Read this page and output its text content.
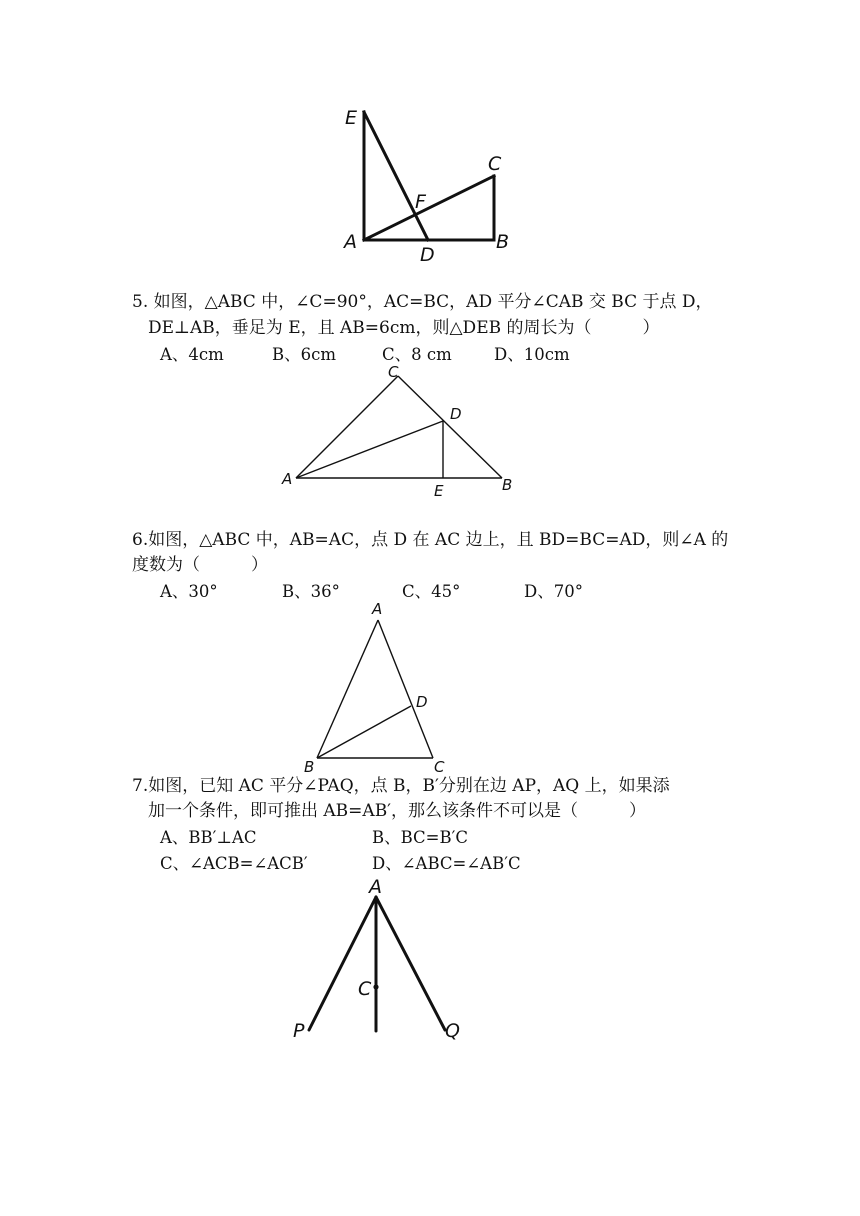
E
C
F
A
D
B
5. 如图，△ABC 中，∠C=90°，AC=BC，AD 平分∠CAB 交 BC 于点 D，
DE⊥AB，垂足为 E，且 AB=6cm，则△DEB 的周长为（　　　）
A、4cm	B、6cm	C、8 cm	D、10cm
C
D
A
E	B
6.如图，△ABC 中，AB=AC，点 D 在 AC 边上，且 BD=BC=AD，则∠A 的
度数为（　　　）
A、30°	B、36°	C、45°	D、70°
A
D
B	C
7.如图，已知 AC 平分∠PAQ，点 B，B′分别在边 AP，AQ 上，如果添
加一个条件，即可推出 AB=AB′，那么该条件不可以是（　　　）
A、BB′⊥AC	B、BC=B′C
C、∠ACB=∠ACB′	D、∠ABC=∠AB′C
A
C
P	Q
